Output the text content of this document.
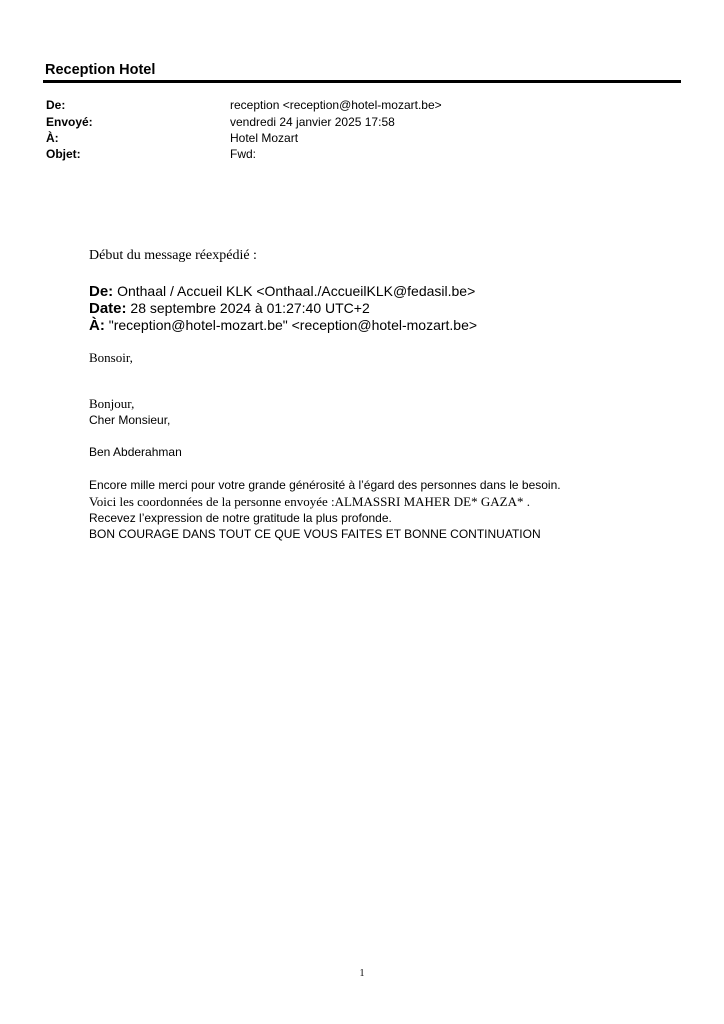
Reception Hotel
De:	reception <reception@hotel-mozart.be>
Envoyé:	vendredi 24 janvier 2025 17:58
À:	Hotel Mozart
Objet:	Fwd:
Début du message réexpédié :
De: Onthaal / Accueil KLK <Onthaal./AccueilKLK@fedasil.be>
Date: 28 septembre 2024 à 01:27:40 UTC+2
À: "reception@hotel-mozart.be" <reception@hotel-mozart.be>
Bonsoir,
Bonjour,
Cher Monsieur,
Ben Abderahman
Encore mille merci pour votre grande générosité à l’égard des personnes dans le besoin.
Voici les coordonnées de la personne envoyée :ALMASSRI MAHER DE* GAZA* .
Recevez l’expression de notre gratitude la plus profonde.
BON COURAGE DANS TOUT CE QUE VOUS FAITES ET BONNE CONTINUATION
1
